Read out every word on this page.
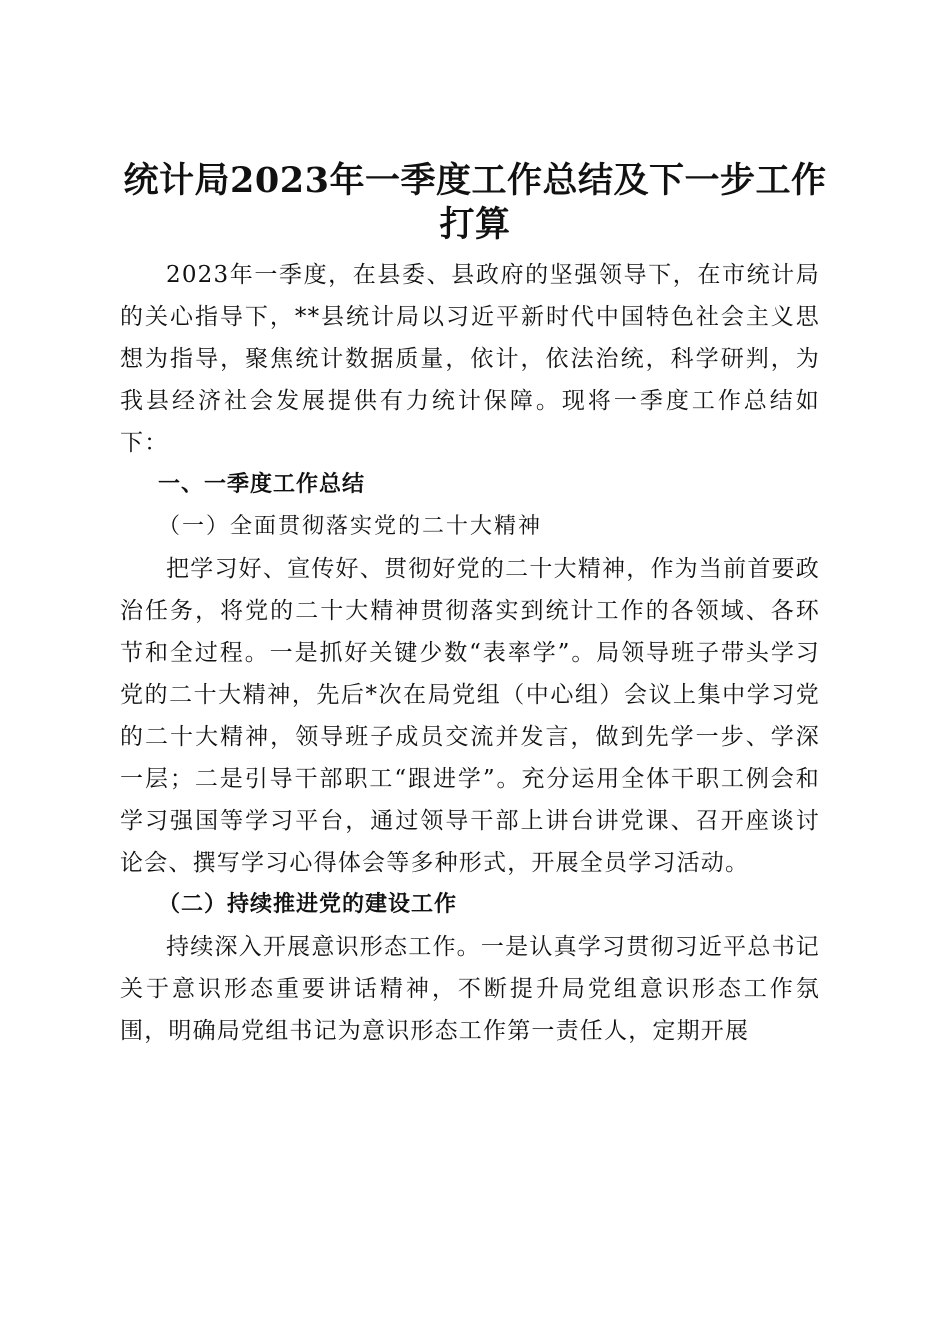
统计局2023年一季度工作总结及下一步工作
打算

2023年一季度，在县委、县政府的坚强领导下，在市统计局的关心指导下，**县统计局以习近平新时代中国特色社会主义思想为指导，聚焦统计数据质量，依计，依法治统，科学研判，为我县经济社会发展提供有力统计保障。现将一季度工作总结如下：

一、一季度工作总结

（一）全面贯彻落实党的二十大精神

把学习好、宣传好、贯彻好党的二十大精神，作为当前首要政治任务，将党的二十大精神贯彻落实到统计工作的各领域、各环节和全过程。一是抓好关键少数“表率学”。局领导班子带头学习党的二十大精神，先后*次在局党组（中心组）会议上集中学习党的二十大精神，领导班子成员交流并发言，做到先学一步、学深一层；二是引导干部职工“跟进学”。充分运用全体干职工例会和学习强国等学习平台，通过领导干部上讲台讲党课、召开座谈讨论会、撰写学习心得体会等多种形式，开展全员学习活动。

（二）持续推进党的建设工作

持续深入开展意识形态工作。一是认真学习贯彻习近平总书记关于意识形态重要讲话精神，不断提升局党组意识形态工作氛围，明确局党组书记为意识形态工作第一责任人，定期开展
